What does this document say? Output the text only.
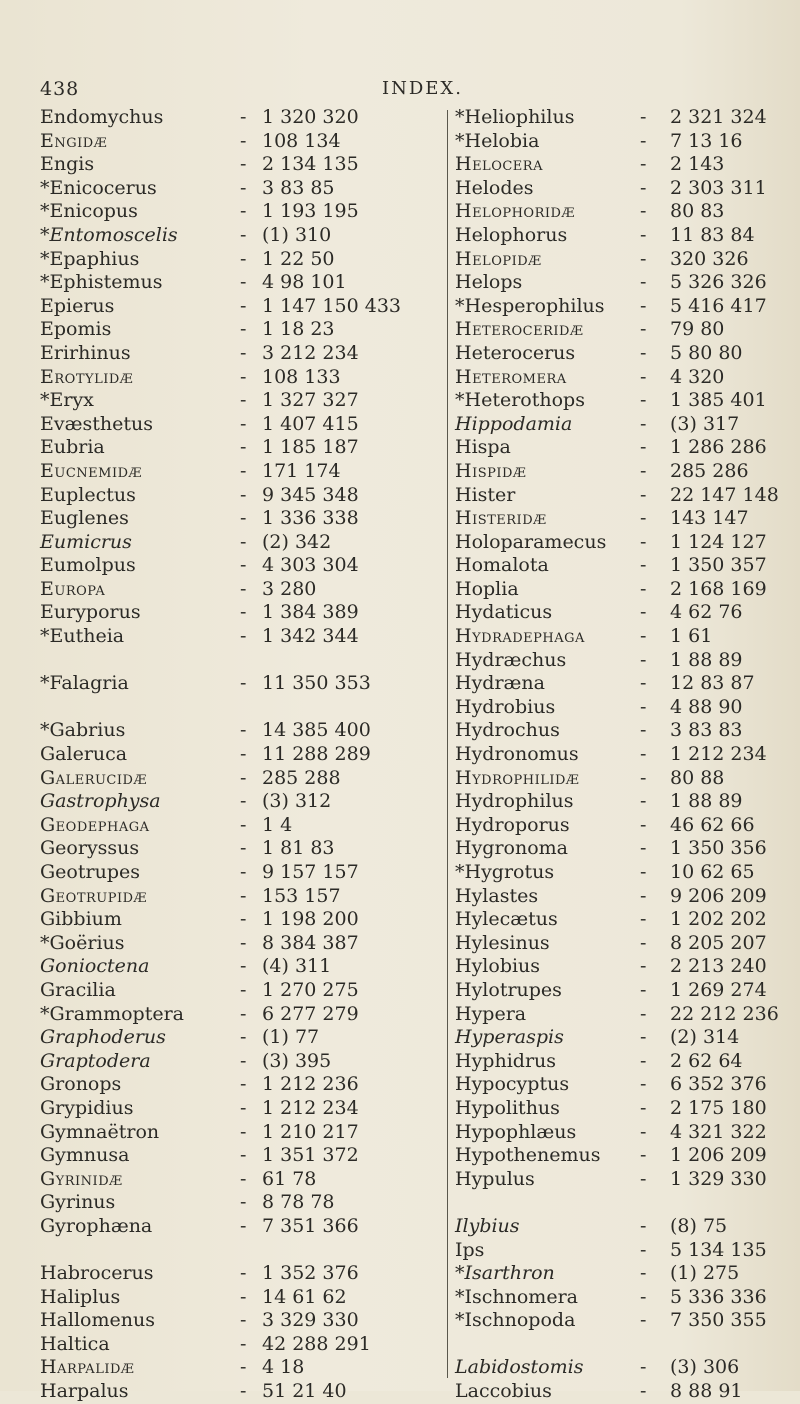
438	INDEX.
Endomychus	- 1 320 320
Engidæ	- 108 134
Engis	- 2 134 135
*Enicocerus	- 3 83 85
*Enicopus	- 1 193 195
*Entomoscelis	- (1) 310
*Epaphius	- 1 22 50
*Ephistemus	- 4 98 101
Epierus	- 1 147 150 433
Epomis	- 1 18 23
Erirhinus	- 3 212 234
Erotylidæ	- 108 133
*Eryx	- 1 327 327
Evæsthetus	- 1 407 415
Eubria	- 1 185 187
Eucnemidæ	- 171 174
Euplectus	- 9 345 348
Euglenes	- 1 336 338
Eumicrus	- (2) 342
Eumolpus	- 4 303 304
Europa	- 3 280
Euryporus	- 1 384 389
*Eutheia	- 1 342 344
*Falagria	- 11 350 353
*Gabrius	- 14 385 400
Galeruca	- 11 288 289
Galerucidæ	- 285 288
Gastrophysa	- (3) 312
Geodephaga	- 1 4
Georyssus	- 1 81 83
Geotrupes	- 9 157 157
Geotrupidæ	- 153 157
Gibbium	- 1 198 200
*Goërius	- 8 384 387
Gonioctena	- (4) 311
Gracilia	- 1 270 275
*Grammoptera	- 6 277 279
Graphoderus	- (1) 77
Graptodera	- (3) 395
Gronops	- 1 212 236
Grypidius	- 1 212 234
Gymnaëtron	- 1 210 217
Gymnusa	- 1 351 372
Gyrinidæ	- 61 78
Gyrinus	- 8 78 78
Gyrophæna	- 7 351 366
Habrocerus	- 1 352 376
Haliplus	- 14 61 62
Hallomenus	- 3 329 330
Haltica	- 42 288 291
Harpalidæ	- 4 18
Harpalus	- 51 21 40
*Heliophilus	- 2 321 324
*Helobia	- 7 13 16
Helocera	- 2 143
Helodes	- 2 303 311
Helophoridæ	- 80 83
Helophorus	- 11 83 84
Helopidæ	- 320 326
Helops	- 5 326 326
*Hesperophilus - 5 416 417
Heteroceridæ	- 79 80
Heterocerus	- 5 80 80
Heteromera	- 4 320
*Heterothops	- 1 385 401
Hippodamia	- (3) 317
Hispa	- 1 286 286
Hispidæ	- 285 286
Hister	- 22 147 148
Histeridæ	- 143 147
Holoparamecus - 1 124 127
Homalota	- 1 350 357
Hoplia	- 2 168 169
Hydaticus	- 4 62 76
Hydradephaga	- 1 61
Hydræchus	- 1 88 89
Hydræna	- 12 83 87
Hydrobius	- 4 88 90
Hydrochus	- 3 83 83
Hydronomus	- 1 212 234
Hydrophilidæ	- 80 88
Hydrophilus	- 1 88 89
Hydroporus	- 46 62 66
Hygronoma	- 1 350 356
*Hygrotus	- 10 62 65
Hylastes	- 9 206 209
Hylecætus	- 1 202 202
Hylesinus	- 8 205 207
Hylobius	- 2 213 240
Hylotrupes	- 1 269 274
Hypera	- 22 212 236
Hyperaspis	- (2) 314
Hyphidrus	- 2 62 64
Hypocyptus	- 6 352 376
Hypolithus	- 2 175 180
Hypophlæus	- 4 321 322
Hypothenemus - 1 206 209
Hypulus	- 1 329 330
Ilybius	- (8) 75
Ips	- 5 134 135
*Isarthron	- (1) 275
*Ischnomera	- 5 336 336
*Ischnopoda	- 7 350 355
Labidostomis	- (3) 306
Laccobius	- 8 88 91
